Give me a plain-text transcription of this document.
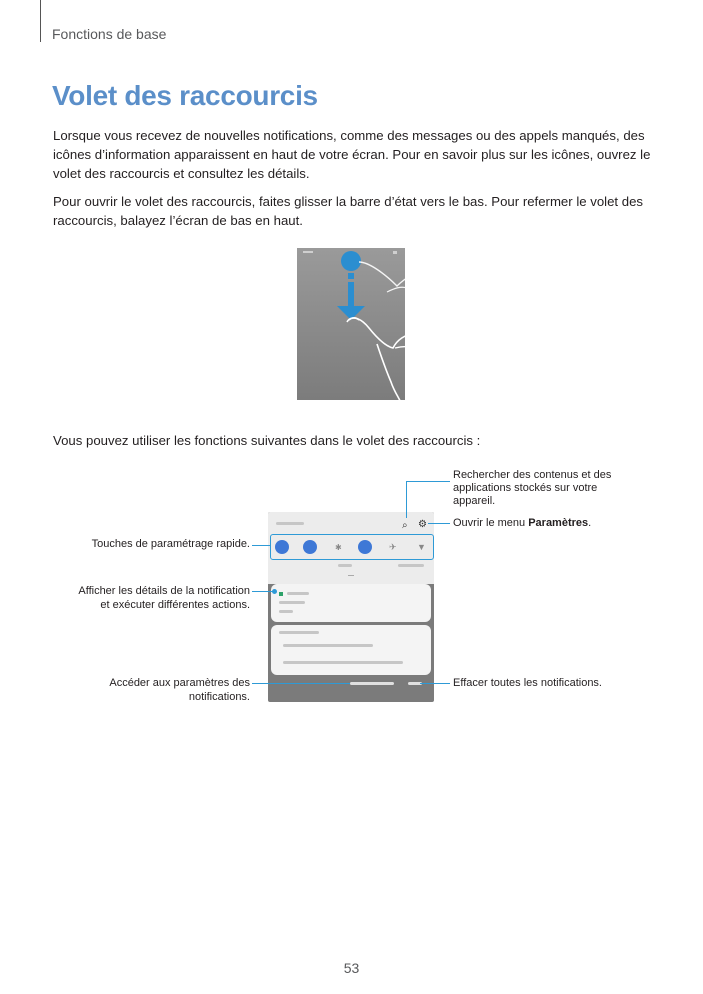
Fonctions de base
Volet des raccourcis

Lorsque vous recevez de nouvelles notifications, comme des messages ou des appels manqués, des icônes d’information apparaissent en haut de votre écran. Pour en savoir plus sur les icônes, ouvrez le volet des raccourcis et consultez les détails.

Pour ouvrir le volet des raccourcis, faites glisser la barre d’état vers le bas. Pour refermer le volet des raccourcis, balayez l’écran de bas en haut.

Vous pouvez utiliser les fonctions suivantes dans le volet des raccourcis :

✱	✈ ▼
⌕ ⚙
Rechercher des contenus et des applications stockés sur votre appareil.
Ouvrir le menu Paramètres.
Touches de paramétrage rapide.
Afficher les détails de la notification
et exécuter différentes actions.
Accéder aux paramètres des
notifications.
Effacer toutes les notifications.
53
